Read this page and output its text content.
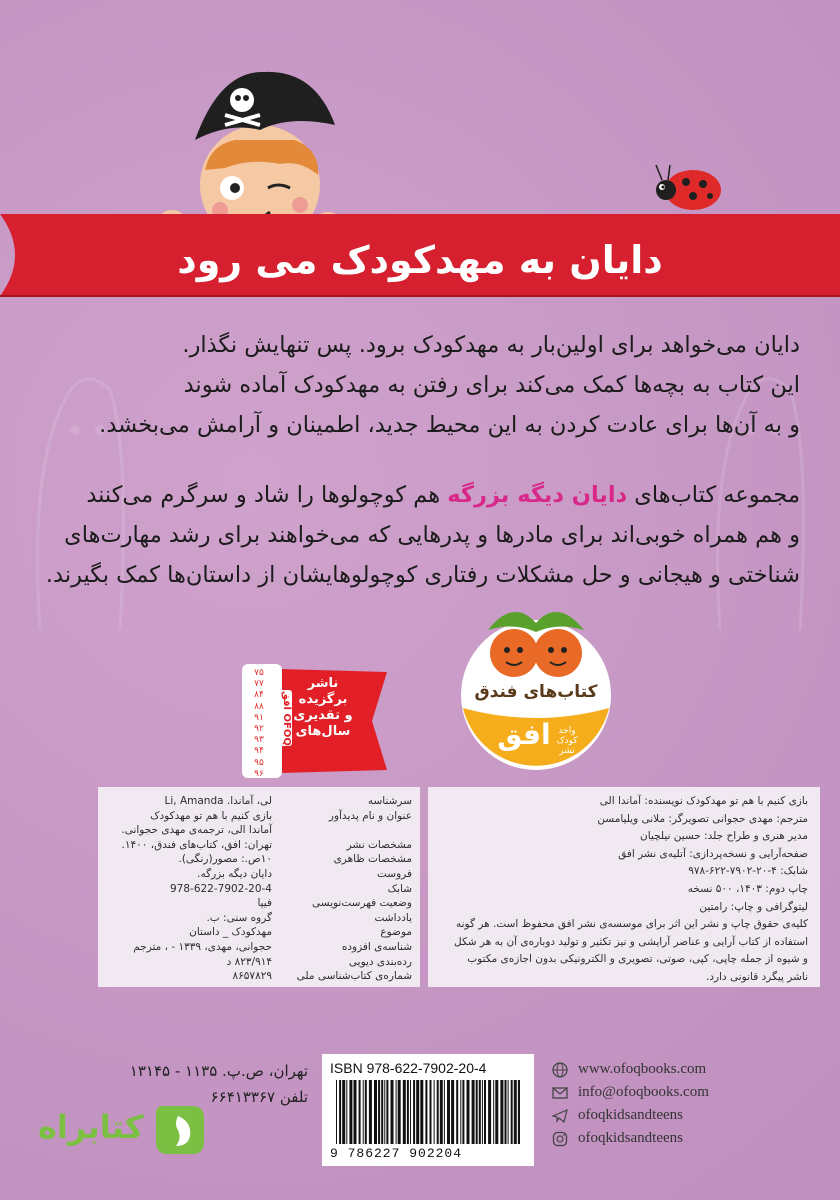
دایان به مهدکودک می رود
دایان می‌خواهد برای اولین‌بار به مهدکودک برود. پس تنهایش نگذار.
این کتاب به بچه‌ها کمک می‌کند برای رفتن به مهدکودک آماده شوند
و به آن‌ها برای عادت کردن به این محیط جدید، اطمینان و آرامش می‌بخشد.
مجموعه کتاب‌های دایان دیگه بزرگه هم کوچولوها را شاد و سرگرم می‌کنند
و هم همراه خوبی‌اند برای مادرها و پدرهایی که می‌خواهند برای رشد مهارت‌های
شناختی و هیجانی و حل مشکلات رفتاری کوچولوهایشان از داستان‌ها کمک بگیرند.
۷۵
۷۷
۸۴
۸۸
۹۱
۹۲
۹۳
۹۴
۹۵
۹۶
ناشر
برگزیده
و تقدیری
سال‌های
افق OFOQ
کتاب‌های فندق
افق واحد کودک
نشر
سرشناسه
عنوان و نام پدیدآور
مشخصات نشر
مشخصات ظاهری
فروست
شابک
وضعیت فهرست‌نویسی
یادداشت
موضوع
شناسه‌ی افزوده
رده‌بندی دیویی
شماره‌ی کتاب‌شناسی ملی
لی، آماندا. Li, Amanda
بازی کنیم با هم تو مهدکودک
آماندا الی، ترجمه‌ی مهدی حجوانی.
تهران: افق، کتاب‌های فندق، ۱۴۰۰.
۱۰ص.: مصور(رنگی).
دایان دیگه بزرگه.
978-622-7902-20-4
فیپا
گروه سنی: ب.
مهدکودک _ داستان
حجوانی، مهدی، ۱۳۳۹ - ، مترجم
۸۲۳/۹۱۴ د
۸۶۵۷۸۲۹
بازی کنیم با هم تو مهدکودک نویسنده: آماندا الی
مترجم: مهدی حجوانی تصویرگر: ملانی ویلیامسن
مدیر هنری و طراح جلد: حسین نیلچیان
صفحه‌آرایی و نسخه‌پردازی: آتلیه‌ی نشر افق
شابک: ۴-۲۰-۷۹۰۲-۶۲۲-۹۷۸
چاپ دوم: ۱۴۰۳، ۵۰۰ نسخه
لیتوگرافی و چاپ: رامتین
کلیه‌ی حقوق چاپ و نشر این اثر برای موسسه‌ی نشر افق محفوظ است. هر گونه
استفاده از کتاب آرایی و عناصر آرایشی و نیز تکثیر و تولید دوباره‌ی آن به هر شکل
و شیوه از جمله چاپی، کپی، صوتی، تصویری و الکترونیکی بدون اجازه‌ی مکتوب
ناشر پیگرد قانونی دارد.
www.ofoqbooks.com
info@ofoqbooks.com
ofoqkidsandteens
ofoqkidsandteens
ISBN 978-622-7902-20-4
9 786227 902204
تهران، ص.پ. ۱۱۳۵ - ۱۳۱۴۵
تلفن ۶۶۴۱۳۳۶۷
کتابراه
